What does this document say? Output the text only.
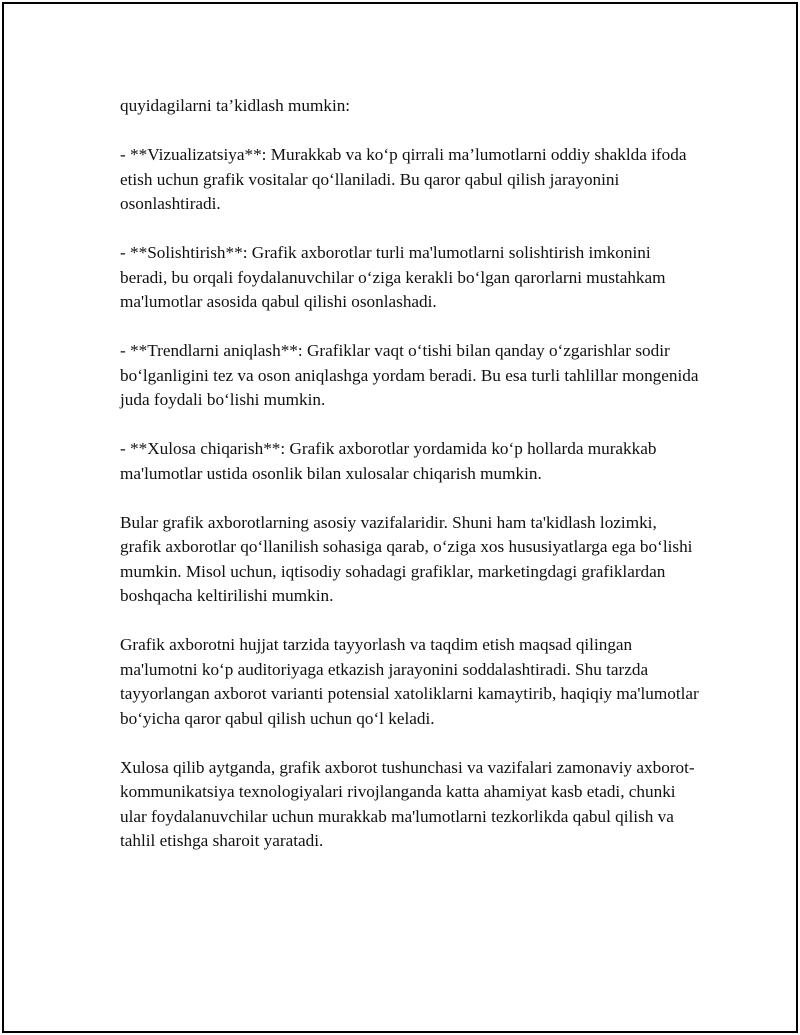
quyidagilarni ta’kidlash mumkin:

- **Vizualizatsiya**: Murakkab va ko‘p qirrali ma’lumotlarni oddiy shaklda ifoda etish uchun grafik vositalar qo‘llaniladi. Bu qaror qabul qilish jarayonini osonlashtiradi.

- **Solishtirish**: Grafik axborotlar turli ma'lumotlarni solishtirish imkonini beradi, bu orqali foydalanuvchilar o‘ziga kerakli bo‘lgan qarorlarni mustahkam ma'lumotlar asosida qabul qilishi osonlashadi.

- **Trendlarni aniqlash**: Grafiklar vaqt o‘tishi bilan qanday o‘zgarishlar sodir bo‘lganligini tez va oson aniqlashga yordam beradi. Bu esa turli tahlillar mongenida juda foydali bo‘lishi mumkin.

- **Xulosa chiqarish**: Grafik axborotlar yordamida ko‘p hollarda murakkab ma'lumotlar ustida osonlik bilan xulosalar chiqarish mumkin.

Bular grafik axborotlarning asosiy vazifalaridir. Shuni ham ta'kidlash lozimki, grafik axborotlar qo‘llanilish sohasiga qarab, o‘ziga xos hususiyatlarga ega bo‘lishi mumkin. Misol uchun, iqtisodiy sohadagi grafiklar, marketingdagi grafiklardan boshqacha keltirilishi mumkin.

Grafik axborotni hujjat tarzida tayyorlash va taqdim etish maqsad qilingan ma'lumotni ko‘p auditoriyaga etkazish jarayonini soddalashtiradi. Shu tarzda tayyorlangan axborot varianti potensial xatoliklarni kamaytirib, haqiqiy ma'lumotlar bo‘yicha qaror qabul qilish uchun qo‘l keladi.

Xulosa qilib aytganda, grafik axborot tushunchasi va vazifalari zamonaviy axborot-kommunikatsiya texnologiyalari rivojlanganda katta ahamiyat kasb etadi, chunki ular foydalanuvchilar uchun murakkab ma'lumotlarni tezkorlikda qabul qilish va tahlil etishga sharoit yaratadi.
